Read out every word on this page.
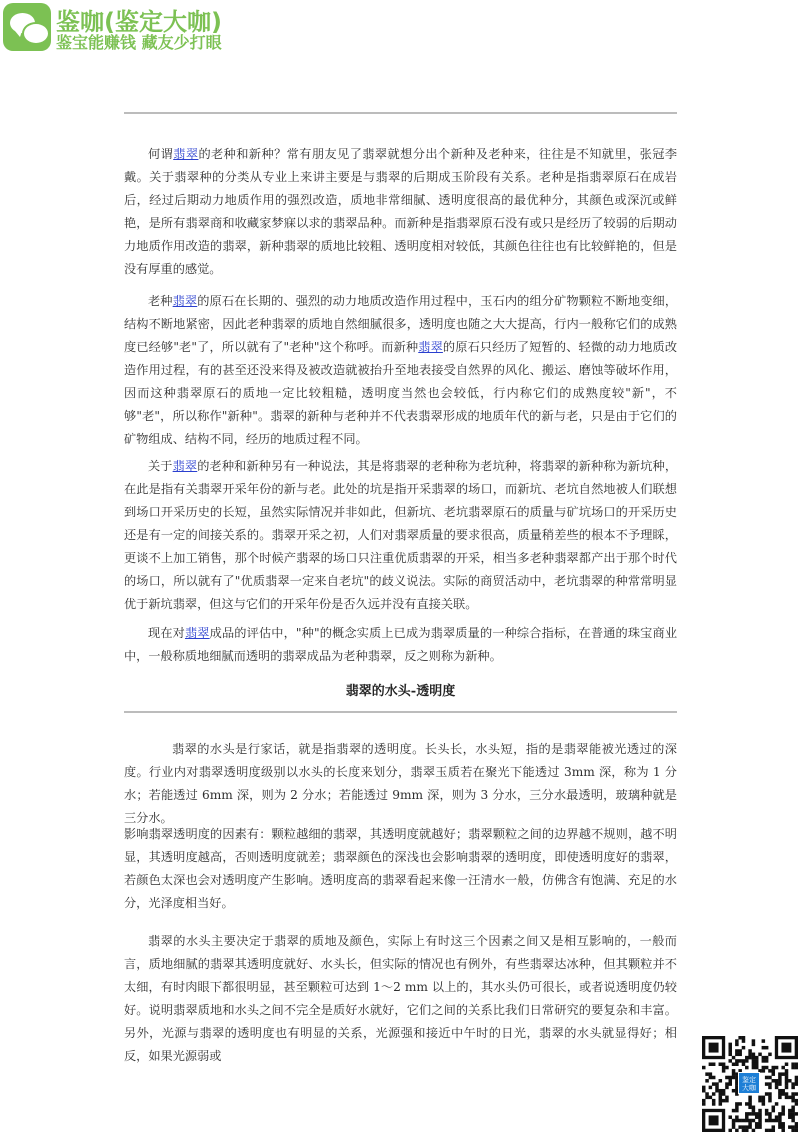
鉴咖(鉴定大咖)
鉴宝能赚钱 藏友少打眼

何谓翡翠的老种和新种？常有朋友见了翡翠就想分出个新种及老种来，往往是不知就里，张冠李戴。关于翡翠种的分类从专业上来讲主要是与翡翠的后期成玉阶段有关系。老种是指翡翠原石在成岩后，经过后期动力地质作用的强烈改造，质地非常细腻、透明度很高的最优种分，其颜色或深沉或鲜艳，是所有翡翠商和收藏家梦寐以求的翡翠品种。而新种是指翡翠原石没有或只是经历了较弱的后期动力地质作用改造的翡翠，新种翡翠的质地比较粗、透明度相对较低，其颜色往往也有比较鲜艳的，但是没有厚重的感觉。

老种翡翠的原石在长期的、强烈的动力地质改造作用过程中，玉石内的组分矿物颗粒不断地变细，结构不断地紧密，因此老种翡翠的质地自然细腻很多，透明度也随之大大提高，行内一般称它们的成熟度已经够"老"了，所以就有了"老种"这个称呼。而新种翡翠的原石只经历了短暂的、轻微的动力地质改造作用过程，有的甚至还没来得及被改造就被抬升至地表接受自然界的风化、搬运、磨蚀等破坏作用，因而这种翡翠原石的质地一定比较粗糙，透明度当然也会较低，行内称它们的成熟度较"新"，不够"老"，所以称作"新种"。翡翠的新种与老种并不代表翡翠形成的地质年代的新与老，只是由于它们的矿物组成、结构不同，经历的地质过程不同。

关于翡翠的老种和新种另有一种说法，其是将翡翠的老种称为老坑种，将翡翠的新种称为新坑种，在此是指有关翡翠开采年份的新与老。此处的坑是指开采翡翠的场口，而新坑、老坑自然地被人们联想到场口开采历史的长短，虽然实际情况并非如此，但新坑、老坑翡翠原石的质量与矿坑场口的开采历史还是有一定的间接关系的。翡翠开采之初，人们对翡翠质量的要求很高，质量稍差些的根本不予理睬，更谈不上加工销售，那个时候产翡翠的场口只注重优质翡翠的开采，相当多老种翡翠都产出于那个时代的场口，所以就有了"优质翡翠一定来自老坑"的歧义说法。实际的商贸活动中，老坑翡翠的种常常明显优于新坑翡翠，但这与它们的开采年份是否久远并没有直接关联。

现在对翡翠成品的评估中，"种"的概念实质上已成为翡翠质量的一种综合指标，在普通的珠宝商业中，一般称质地细腻而透明的翡翠成品为老种翡翠，反之则称为新种。

翡翠的水头-透明度

翡翠的水头是行家话，就是指翡翠的透明度。长头长，水头短，指的是翡翠能被光透过的深度。行业内对翡翠透明度级别以水头的长度来划分，翡翠玉质若在聚光下能透过 3mm 深，称为 1 分水；若能透过 6mm 深，则为 2 分水；若能透过 9mm 深，则为 3 分水，三分水最透明，玻璃种就是三分水。

影响翡翠透明度的因素有：颗粒越细的翡翠，其透明度就越好；翡翠颗粒之间的边界越不规则，越不明显，其透明度越高，否则透明度就差；翡翠颜色的深浅也会影响翡翠的透明度，即使透明度好的翡翠，若颜色太深也会对透明度产生影响。透明度高的翡翠看起来像一汪清水一般，仿佛含有饱满、充足的水分，光泽度相当好。

翡翠的水头主要决定于翡翠的质地及颜色，实际上有时这三个因素之间又是相互影响的，一般而言，质地细腻的翡翠其透明度就好、水头长，但实际的情况也有例外，有些翡翠达冰种，但其颗粒并不太细，有时肉眼下都很明显，甚至颗粒可达到 1～2 mm 以上的，其水头仍可很长，或者说透明度仍较好。说明翡翠质地和水头之间不完全是质好水就好，它们之间的关系比我们日常研究的要复杂和丰富。另外，光源与翡翠的透明度也有明显的关系，光源强和接近中午时的日光，翡翠的水头就显得好；相反，如果光源弱或

鉴定大咖
